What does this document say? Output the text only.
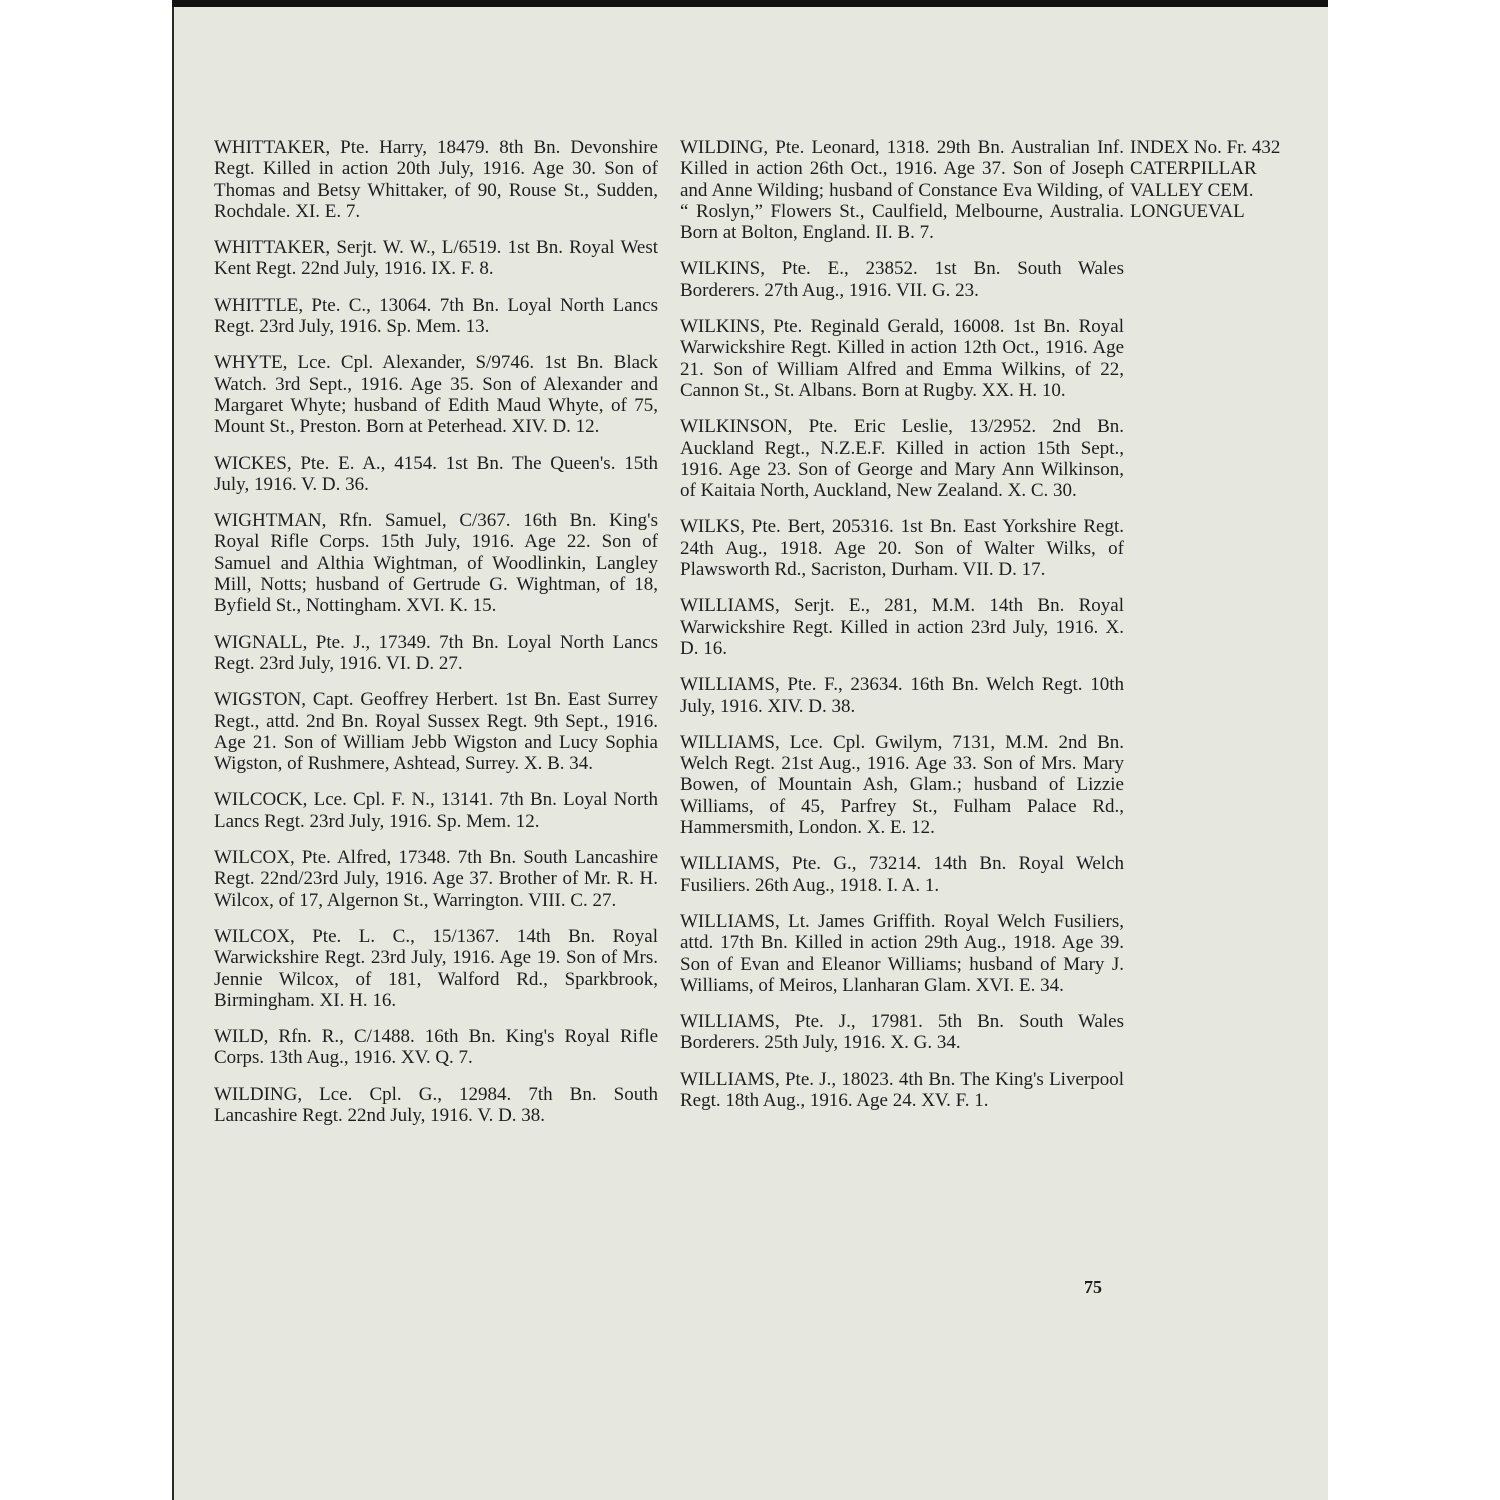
WHITTAKER, Pte. Harry, 18479. 8th Bn. Devonshire Regt. Killed in action 20th July, 1916. Age 30. Son of Thomas and Betsy Whittaker, of 90, Rouse St., Sudden, Rochdale. XI. E. 7.

WHITTAKER, Serjt. W. W., L/6519. 1st Bn. Royal West Kent Regt. 22nd July, 1916. IX. F. 8.

WHITTLE, Pte. C., 13064. 7th Bn. Loyal North Lancs Regt. 23rd July, 1916. Sp. Mem. 13.

WHYTE, Lce. Cpl. Alexander, S/9746. 1st Bn. Black Watch. 3rd Sept., 1916. Age 35. Son of Alexander and Margaret Whyte; husband of Edith Maud Whyte, of 75, Mount St., Preston. Born at Peterhead. XIV. D. 12.

WICKES, Pte. E. A., 4154. 1st Bn. The Queen's. 15th July, 1916. V. D. 36.

WIGHTMAN, Rfn. Samuel, C/367. 16th Bn. King's Royal Rifle Corps. 15th July, 1916. Age 22. Son of Samuel and Althia Wightman, of Woodlinkin, Langley Mill, Notts; husband of Gertrude G. Wightman, of 18, Byfield St., Nottingham. XVI. K. 15.

WIGNALL, Pte. J., 17349. 7th Bn. Loyal North Lancs Regt. 23rd July, 1916. VI. D. 27.

WIGSTON, Capt. Geoffrey Herbert. 1st Bn. East Surrey Regt., attd. 2nd Bn. Royal Sussex Regt. 9th Sept., 1916. Age 21. Son of William Jebb Wigston and Lucy Sophia Wigston, of Rushmere, Ashtead, Surrey. X. B. 34.

WILCOCK, Lce. Cpl. F. N., 13141. 7th Bn. Loyal North Lancs Regt. 23rd July, 1916. Sp. Mem. 12.

WILCOX, Pte. Alfred, 17348. 7th Bn. South Lancashire Regt. 22nd/23rd July, 1916. Age 37. Brother of Mr. R. H. Wilcox, of 17, Algernon St., Warrington. VIII. C. 27.

WILCOX, Pte. L. C., 15/1367. 14th Bn. Royal Warwickshire Regt. 23rd July, 1916. Age 19. Son of Mrs. Jennie Wilcox, of 181, Walford Rd., Sparkbrook, Birmingham. XI. H. 16.

WILD, Rfn. R., C/1488. 16th Bn. King's Royal Rifle Corps. 13th Aug., 1916. XV. Q. 7.

WILDING, Lce. Cpl. G., 12984. 7th Bn. South Lancashire Regt. 22nd July, 1916. V. D. 38.

WILDING, Pte. Leonard, 1318. 29th Bn. Australian Inf. Killed in action 26th Oct., 1916. Age 37. Son of Joseph and Anne Wilding; husband of Constance Eva Wilding, of “ Roslyn,” Flowers St., Caulfield, Melbourne, Australia. Born at Bolton, England. II. B. 7.

WILKINS, Pte. E., 23852. 1st Bn. South Wales Borderers. 27th Aug., 1916. VII. G. 23.

WILKINS, Pte. Reginald Gerald, 16008. 1st Bn. Royal Warwickshire Regt. Killed in action 12th Oct., 1916. Age 21. Son of William Alfred and Emma Wilkins, of 22, Cannon St., St. Albans. Born at Rugby. XX. H. 10.

WILKINSON, Pte. Eric Leslie, 13/2952. 2nd Bn. Auckland Regt., N.Z.E.F. Killed in action 15th Sept., 1916. Age 23. Son of George and Mary Ann Wilkinson, of Kaitaia North, Auckland, New Zealand. X. C. 30.

WILKS, Pte. Bert, 205316. 1st Bn. East Yorkshire Regt. 24th Aug., 1918. Age 20. Son of Walter Wilks, of Plawsworth Rd., Sacriston, Durham. VII. D. 17.

WILLIAMS, Serjt. E., 281, M.M. 14th Bn. Royal Warwickshire Regt. Killed in action 23rd July, 1916. X. D. 16.

WILLIAMS, Pte. F., 23634. 16th Bn. Welch Regt. 10th July, 1916. XIV. D. 38.

WILLIAMS, Lce. Cpl. Gwilym, 7131, M.M. 2nd Bn. Welch Regt. 21st Aug., 1916. Age 33. Son of Mrs. Mary Bowen, of Mountain Ash, Glam.; husband of Lizzie Williams, of 45, Parfrey St., Fulham Palace Rd., Hammersmith, London. X. E. 12.

WILLIAMS, Pte. G., 73214. 14th Bn. Royal Welch Fusiliers. 26th Aug., 1918. I. A. 1.

WILLIAMS, Lt. James Griffith. Royal Welch Fusiliers, attd. 17th Bn. Killed in action 29th Aug., 1918. Age 39. Son of Evan and Eleanor Williams; husband of Mary J. Williams, of Meiros, Llanharan Glam. XVI. E. 34.

WILLIAMS, Pte. J., 17981. 5th Bn. South Wales Borderers. 25th July, 1916. X. G. 34.

WILLIAMS, Pte. J., 18023. 4th Bn. The King's Liverpool Regt. 18th Aug., 1916. Age 24. XV. F. 1.

INDEX No. Fr. 432
CATERPILLAR
VALLEY CEM.
LONGUEVAL
75
